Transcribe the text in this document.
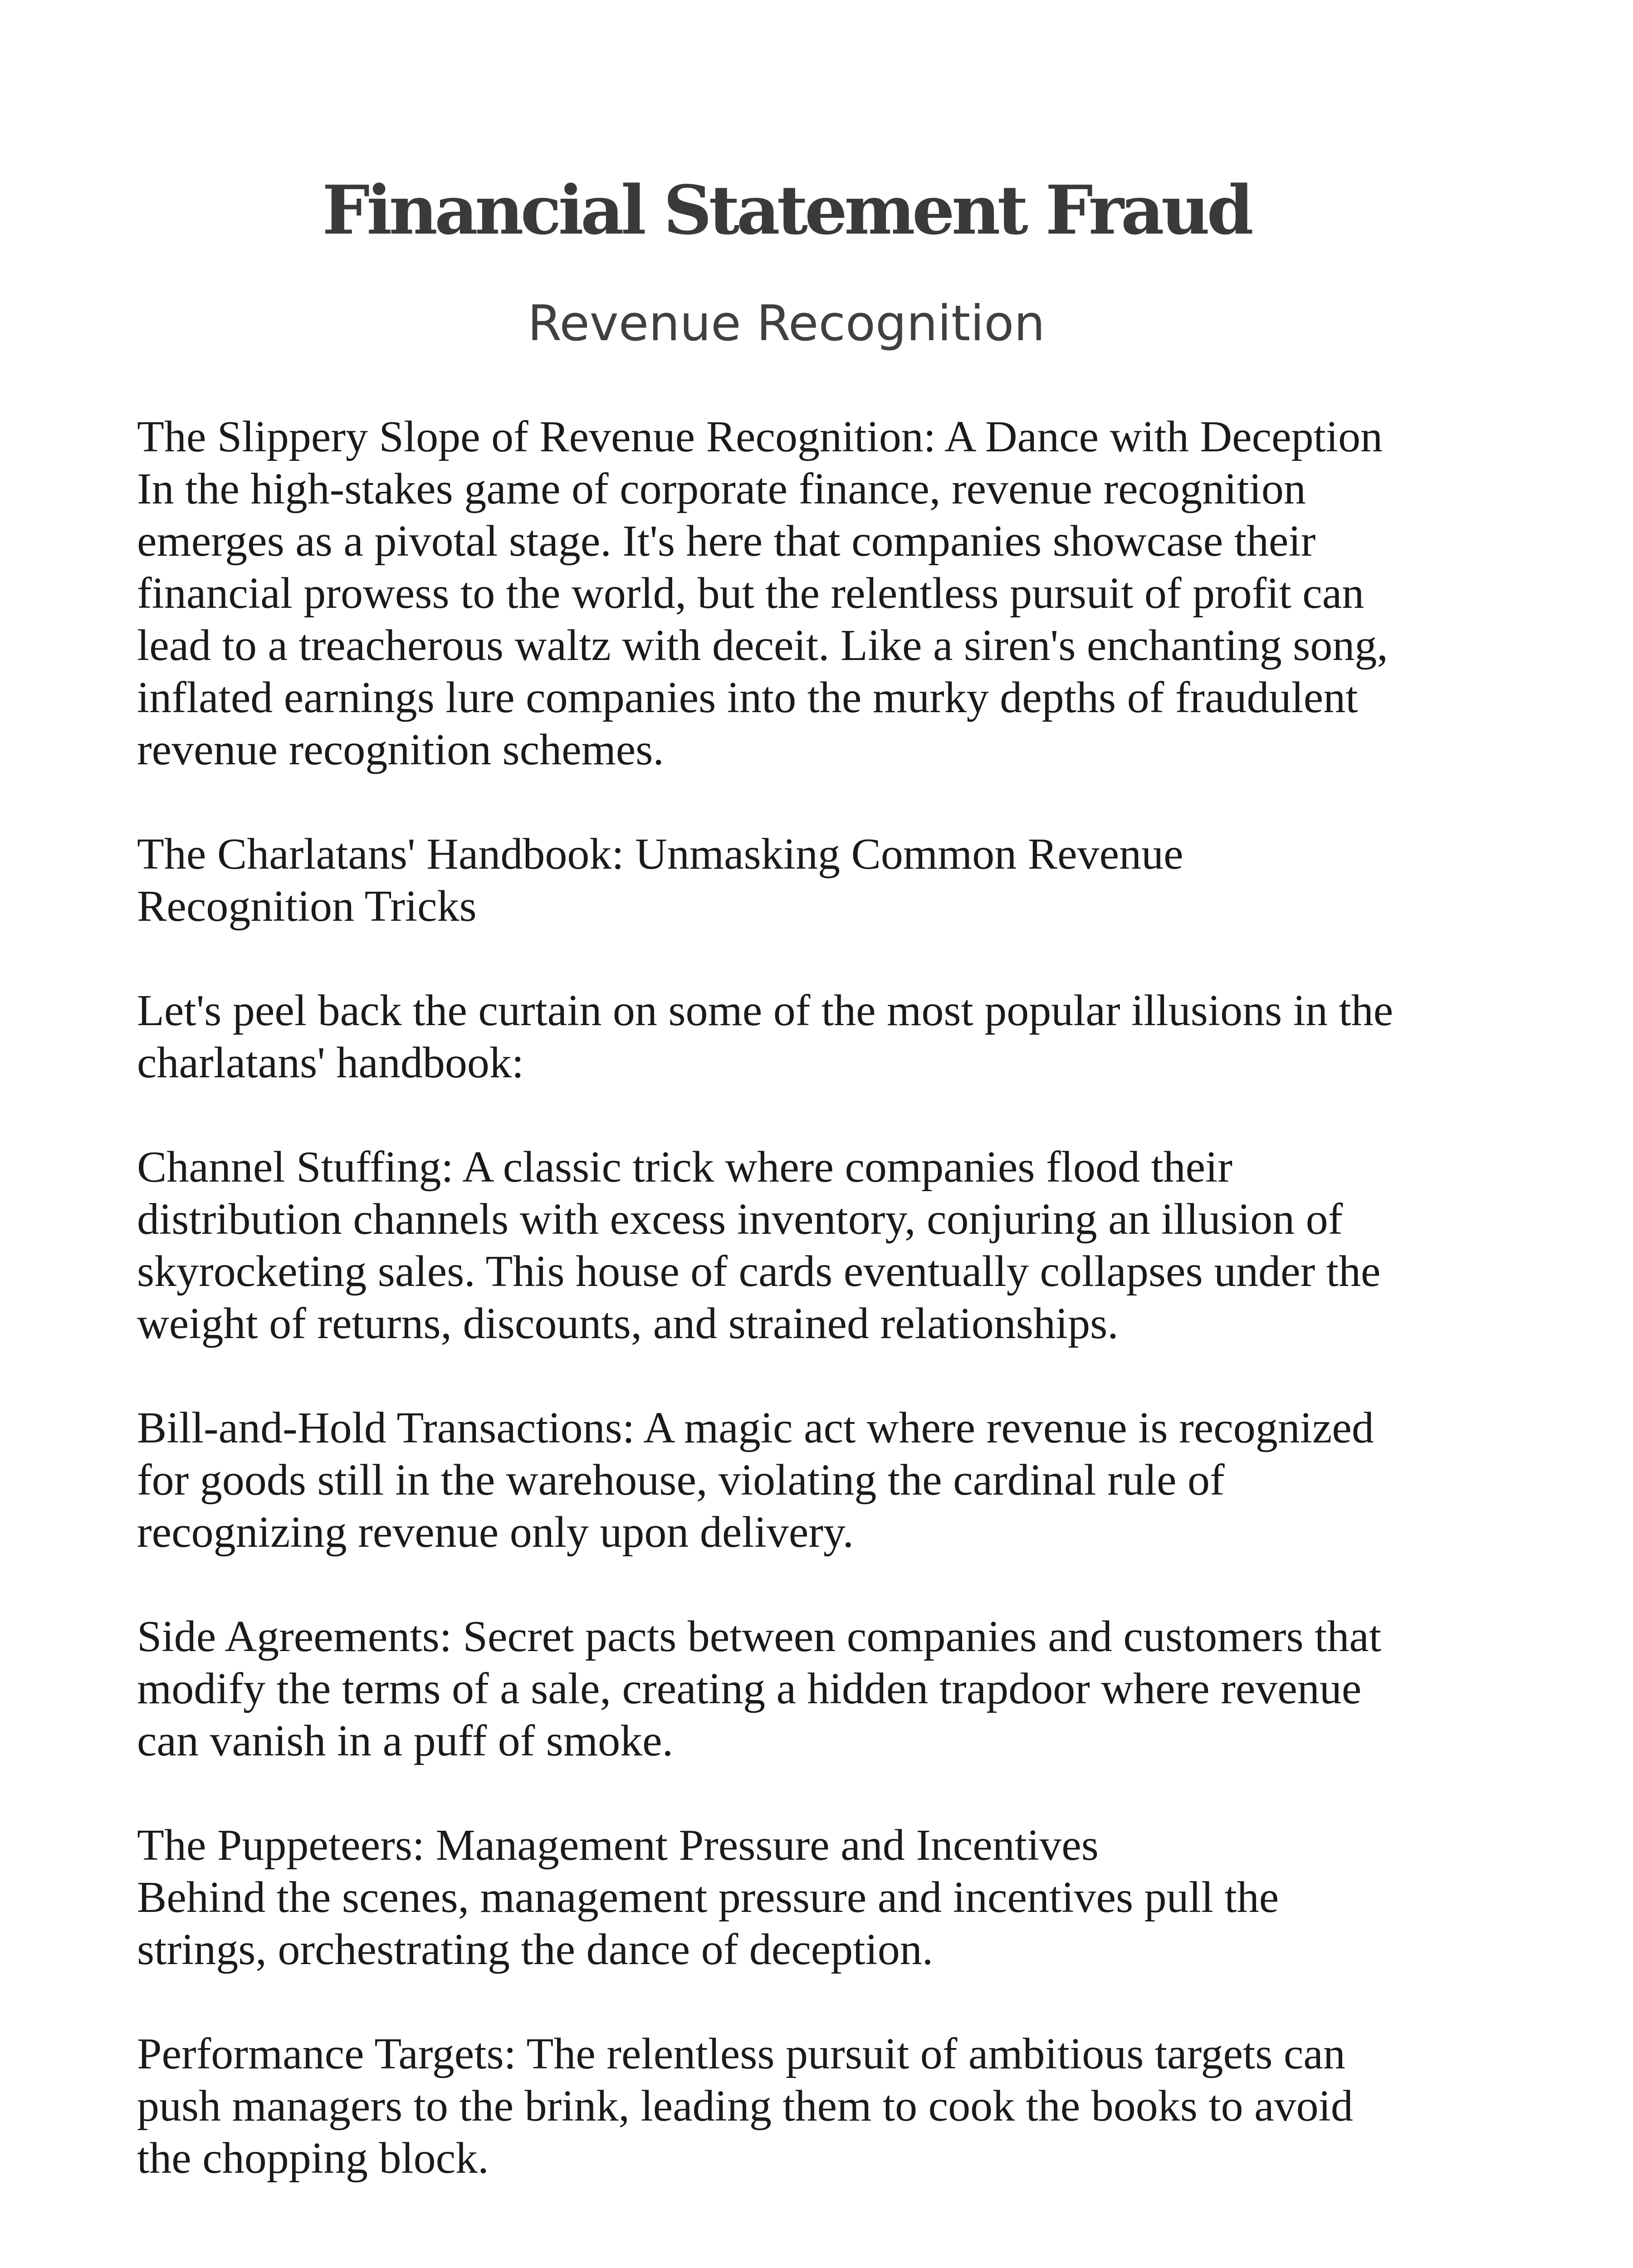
Financial Statement Fraud
Revenue Recognition

The Slippery Slope of Revenue Recognition: A Dance with Deception
In the high-stakes game of corporate finance, revenue recognition
emerges as a pivotal stage. It's here that companies showcase their
financial prowess to the world, but the relentless pursuit of profit can
lead to a treacherous waltz with deceit. Like a siren's enchanting song,
inflated earnings lure companies into the murky depths of fraudulent
revenue recognition schemes.

The Charlatans' Handbook: Unmasking Common Revenue
Recognition Tricks

Let's peel back the curtain on some of the most popular illusions in the
charlatans' handbook:

Channel Stuffing: A classic trick where companies flood their
distribution channels with excess inventory, conjuring an illusion of
skyrocketing sales. This house of cards eventually collapses under the
weight of returns, discounts, and strained relationships.

Bill-and-Hold Transactions: A magic act where revenue is recognized
for goods still in the warehouse, violating the cardinal rule of
recognizing revenue only upon delivery.

Side Agreements: Secret pacts between companies and customers that
modify the terms of a sale, creating a hidden trapdoor where revenue
can vanish in a puff of smoke.

The Puppeteers: Management Pressure and Incentives
Behind the scenes, management pressure and incentives pull the
strings, orchestrating the dance of deception.

Performance Targets: The relentless pursuit of ambitious targets can
push managers to the brink, leading them to cook the books to avoid
the chopping block.
